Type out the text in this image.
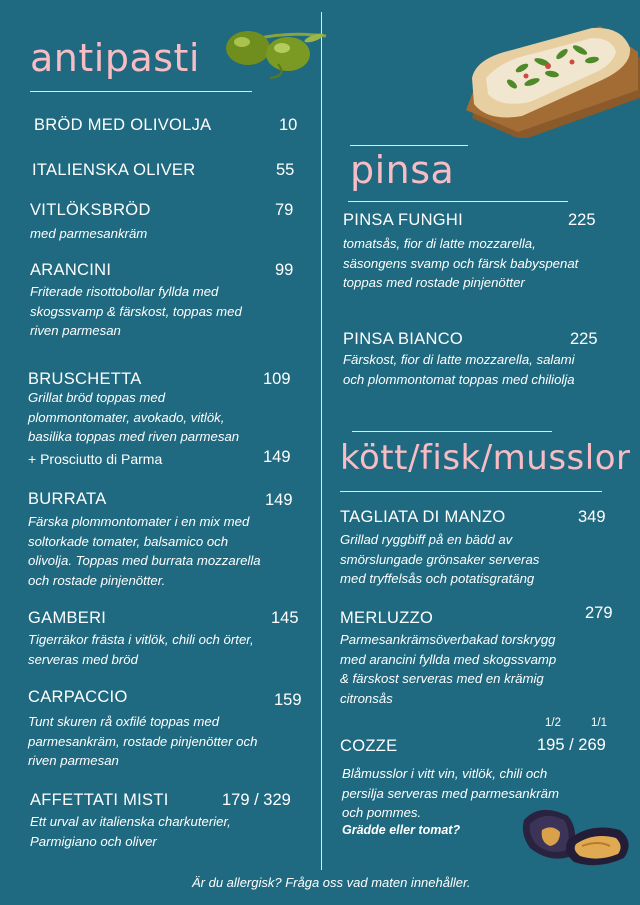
antipasti
pinsa
kött/fisk/musslor
BRÖD MED OLIVOLJA	10
ITALIENSKA OLIVER	55
VITLÖKSBRÖD	79
med parmesankräm
ARANCINI	99
Friterade risottobollar fyllda med
skogssvamp & färskost, toppas med
riven parmesan
BRUSCHETTA	109
Grillat bröd toppas med
plommontomater, avokado, vitlök,
basilika toppas med riven parmesan
+ Prosciutto di Parma	149
BURRATA	149
Färska plommontomater i en mix med
soltorkade tomater, balsamico och
olivolja. Toppas med burrata mozzarella
och rostade pinjenötter.
GAMBERI	145
Tigerräkor frästa i vitlök, chili och örter,
serveras med bröd
CARPACCIO	159
Tunt skuren rå oxfilé toppas med
parmesankräm, rostade pinjenötter och
riven parmesan
AFFETTATI MISTI	179 / 329
Ett urval av italienska charkuterier,
Parmigiano och oliver
PINSA FUNGHI	225
tomatsås, fior di latte mozzarella,
säsongens svamp och färsk babyspenat
toppas med rostade pinjenötter
PINSA BIANCO	225
Färskost, fior di latte mozzarella, salami
och plommontomat toppas med chiliolja
TAGLIATA DI MANZO	349
Grillad ryggbiff på en bädd av
smörslungade grönsaker serveras
med tryffelsås och potatisgratäng
MERLUZZO	279
Parmesankrämsöverbakad torskrygg
med arancini fyllda med skogssvamp
& färskost serveras med en krämig
citronsås
1/2	1/1
COZZE	195 / 269
Blåmusslor i vitt vin, vitlök, chili och
persilja serveras med parmesankräm
och pommes.
Grädde eller tomat?
Är du allergisk? Fråga oss vad maten innehåller.
